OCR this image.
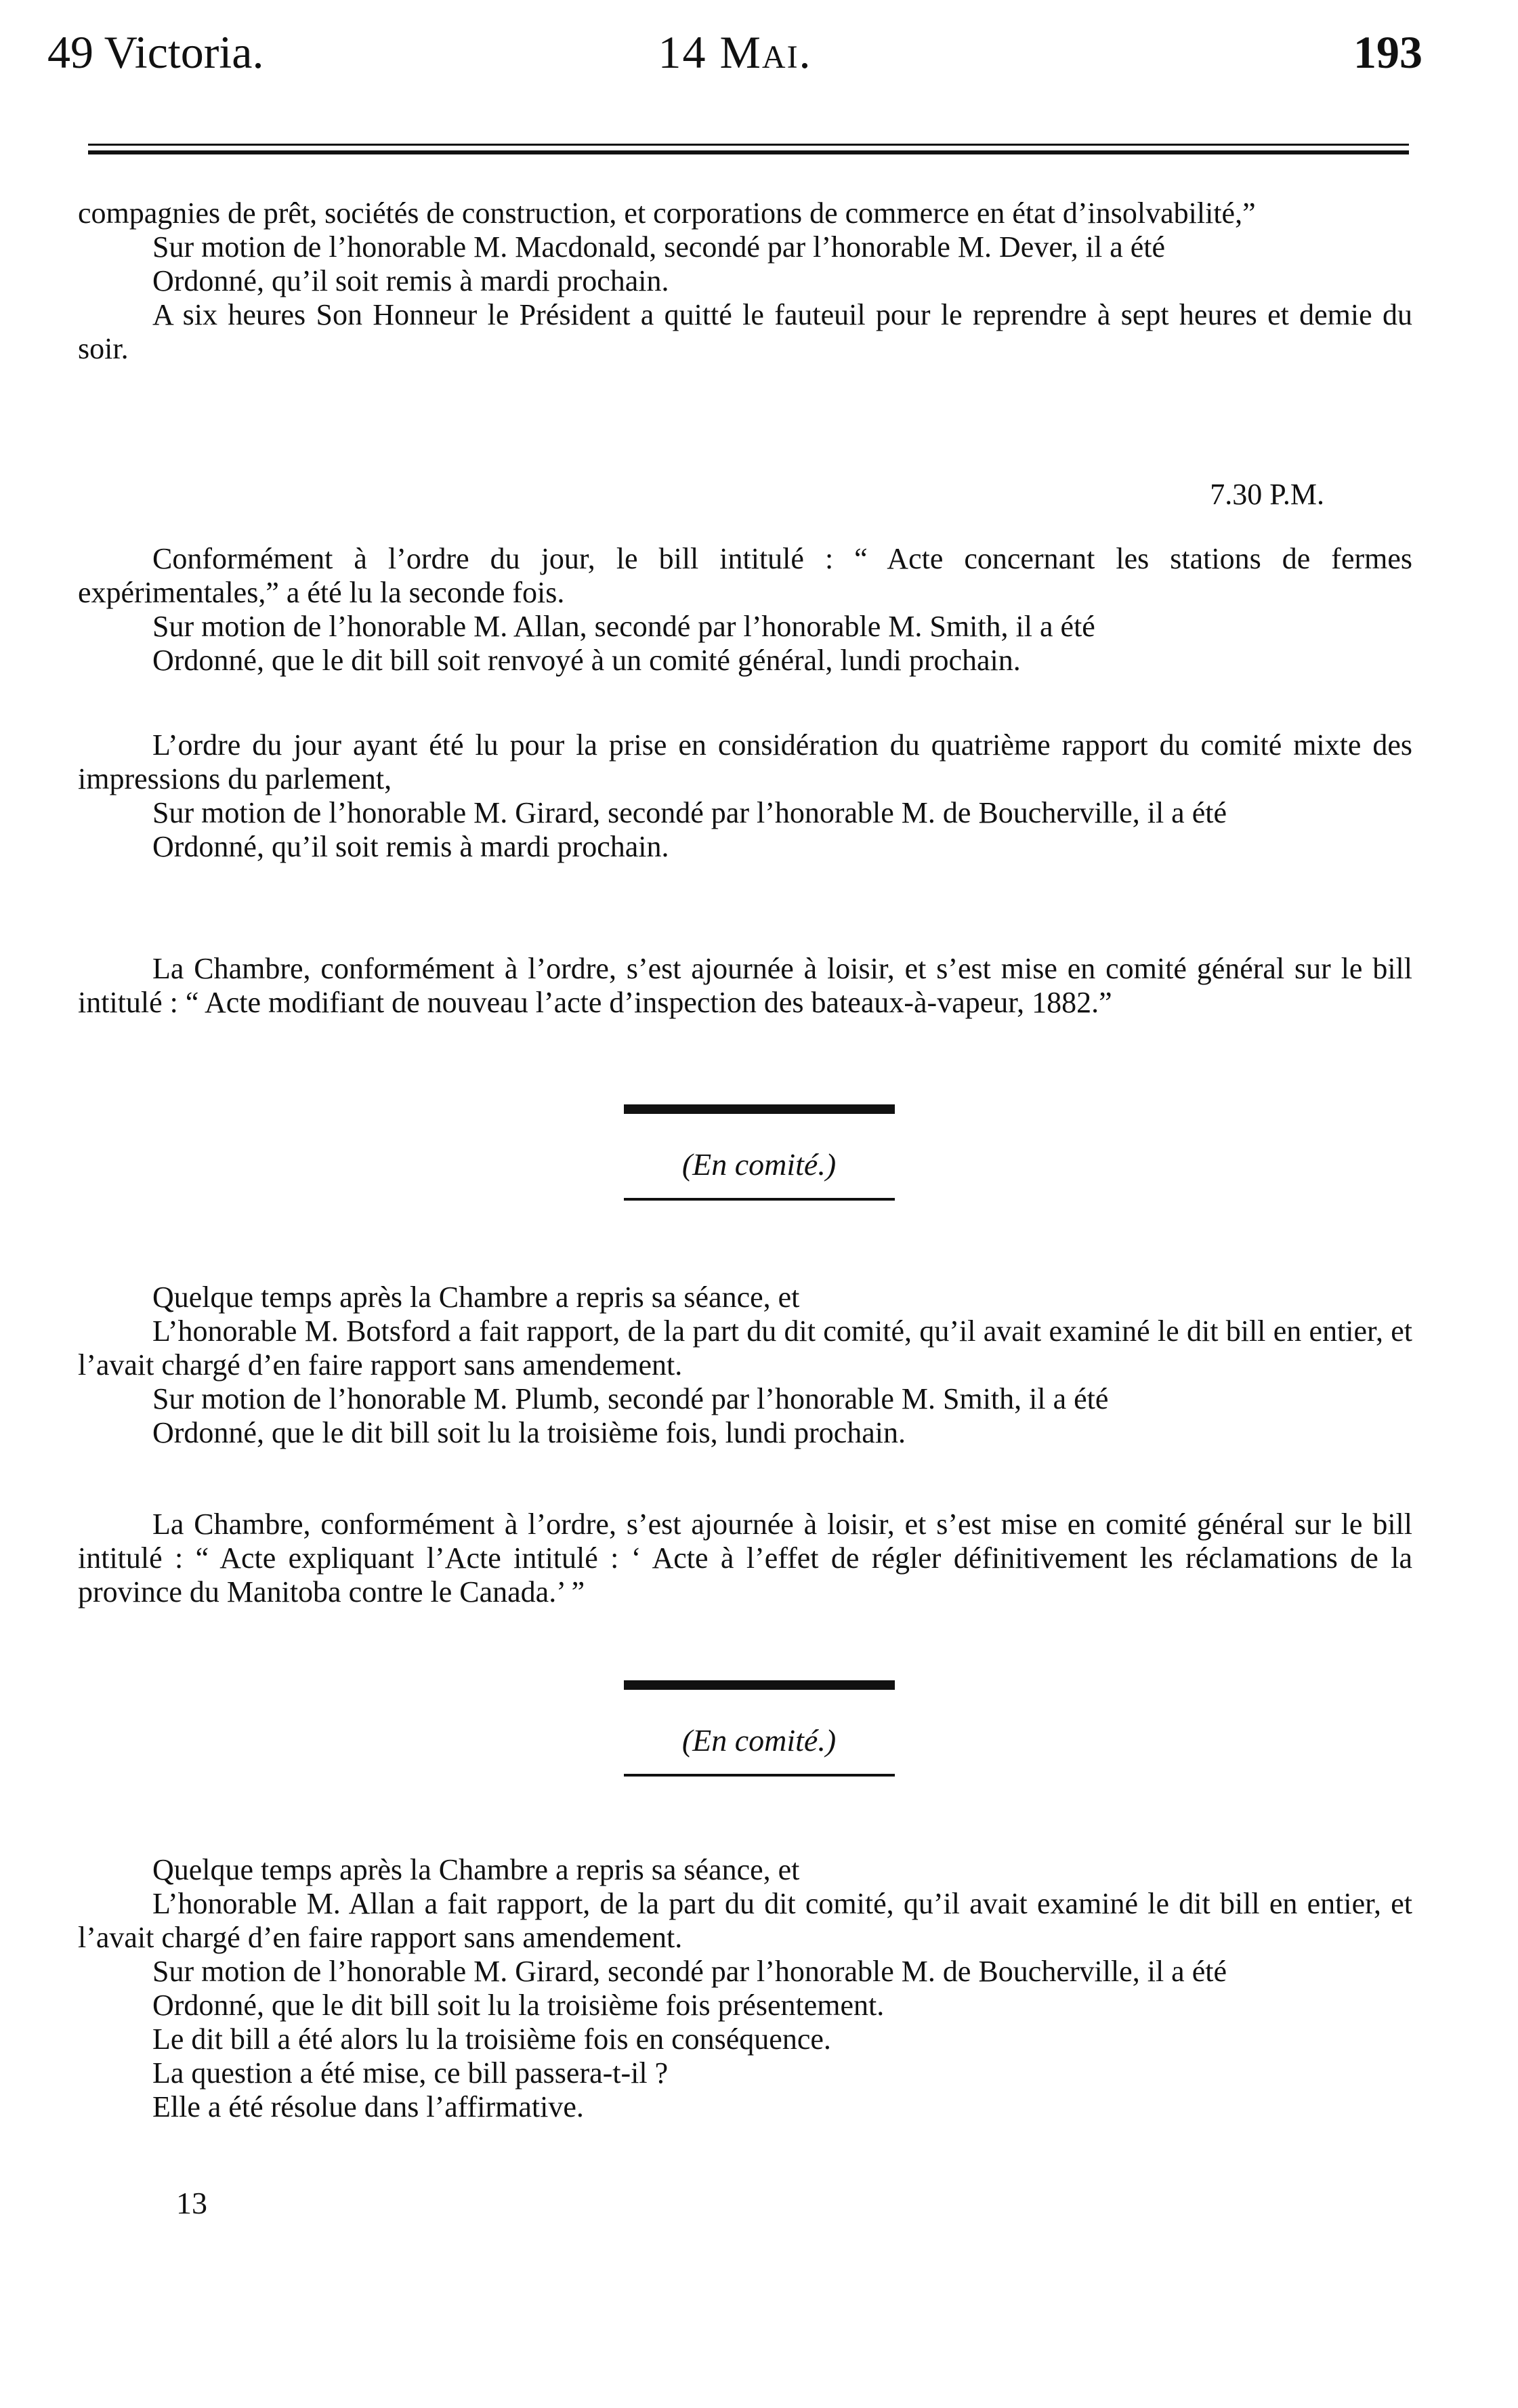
49 Victoria.	14 Mai.	193

compagnies de prêt, sociétés de construction, et corporations de commerce en état d’insolvabilité,”

Sur motion de l’honorable M. Macdonald, secondé par l’honorable M. Dever, il a été

Ordonné, qu’il soit remis à mardi prochain.

A six heures Son Honneur le Président a quitté le fauteuil pour le reprendre à sept heures et demie du soir.

7.30 P.M.

Conformément à l’ordre du jour, le bill intitulé : “ Acte concernant les stations de fermes expérimentales,” a été lu la seconde fois.

Sur motion de l’honorable M. Allan, secondé par l’honorable M. Smith, il a été

Ordonné, que le dit bill soit renvoyé à un comité général, lundi prochain.

L’ordre du jour ayant été lu pour la prise en considération du quatrième rapport du comité mixte des impressions du parlement,

Sur motion de l’honorable M. Girard, secondé par l’honorable M. de Boucherville, il a été

Ordonné, qu’il soit remis à mardi prochain.

La Chambre, conformément à l’ordre, s’est ajournée à loisir, et s’est mise en comité général sur le bill intitulé : “ Acte modifiant de nouveau l’acte d’inspection des bateaux-à-vapeur, 1882.”

(En comité.)

Quelque temps après la Chambre a repris sa séance, et

L’honorable M. Botsford a fait rapport, de la part du dit comité, qu’il avait examiné le dit bill en entier, et l’avait chargé d’en faire rapport sans amendement.

Sur motion de l’honorable M. Plumb, secondé par l’honorable M. Smith, il a été

Ordonné, que le dit bill soit lu la troisième fois, lundi prochain.

La Chambre, conformément à l’ordre, s’est ajournée à loisir, et s’est mise en comité général sur le bill intitulé : “ Acte expliquant l’Acte intitulé : ‘ Acte à l’effet de régler définitivement les réclamations de la province du Manitoba contre le Canada.’ ”

(En comité.)

Quelque temps après la Chambre a repris sa séance, et

L’honorable M. Allan a fait rapport, de la part du dit comité, qu’il avait examiné le dit bill en entier, et l’avait chargé d’en faire rapport sans amendement.

Sur motion de l’honorable M. Girard, secondé par l’honorable M. de Boucherville, il a été

Ordonné, que le dit bill soit lu la troisième fois présentement.

Le dit bill a été alors lu la troisième fois en conséquence.

La question a été mise, ce bill passera-t-il ?

Elle a été résolue dans l’affirmative.

13
